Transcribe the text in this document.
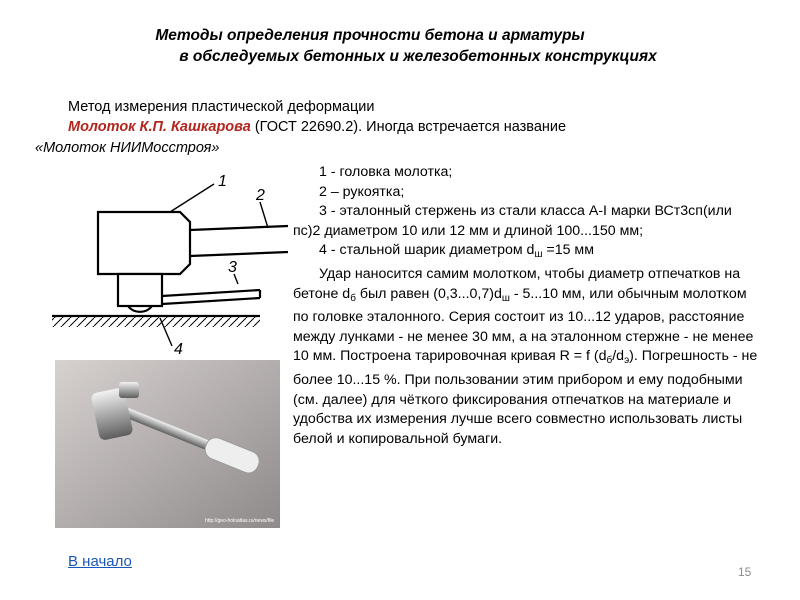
Методы определения прочности бетона и арматуры
в обследуемых бетонных и железобетонных конструкциях
Метод измерения пластической деформации
Молоток К.П. Кашкарова (ГОСТ 22690.2). Иногда встречается название
«Молоток НИИМосстроя»
1
2
3
4
http://geo-holoatlas.ru/news/file

1 - головка молотка;

2 – рукоятка;

3 - эталонный стержень из стали класса А-I марки ВСт3сп(или пс)2 диаметром 10 или 12 мм и длиной 100...150 мм;

4 - стальной шарик диаметром $d_ш =15$ мм

Удар наносится самим молотком, чтобы диаметр отпечатков на бетоне $d_б$ был равен $(0,3...0,7)d_ш - 5...10$ мм, или обычным молотком по головке эталонного. Серия состоит из 10...12 ударов, расстояние между лунками - не менее 30 мм, а на эталонном стержне - не менее 10 мм. Построена тарировочная кривая R = f $(d_б/d_э)$. Погрешность - не более 10...15 %. При пользовании этим прибором и ему подобными (см. далее) для чёткого фиксирования отпечатков на материале и удобства их измерения лучше всего совместно использовать листы белой и копировальной бумаги.

В начало
15
